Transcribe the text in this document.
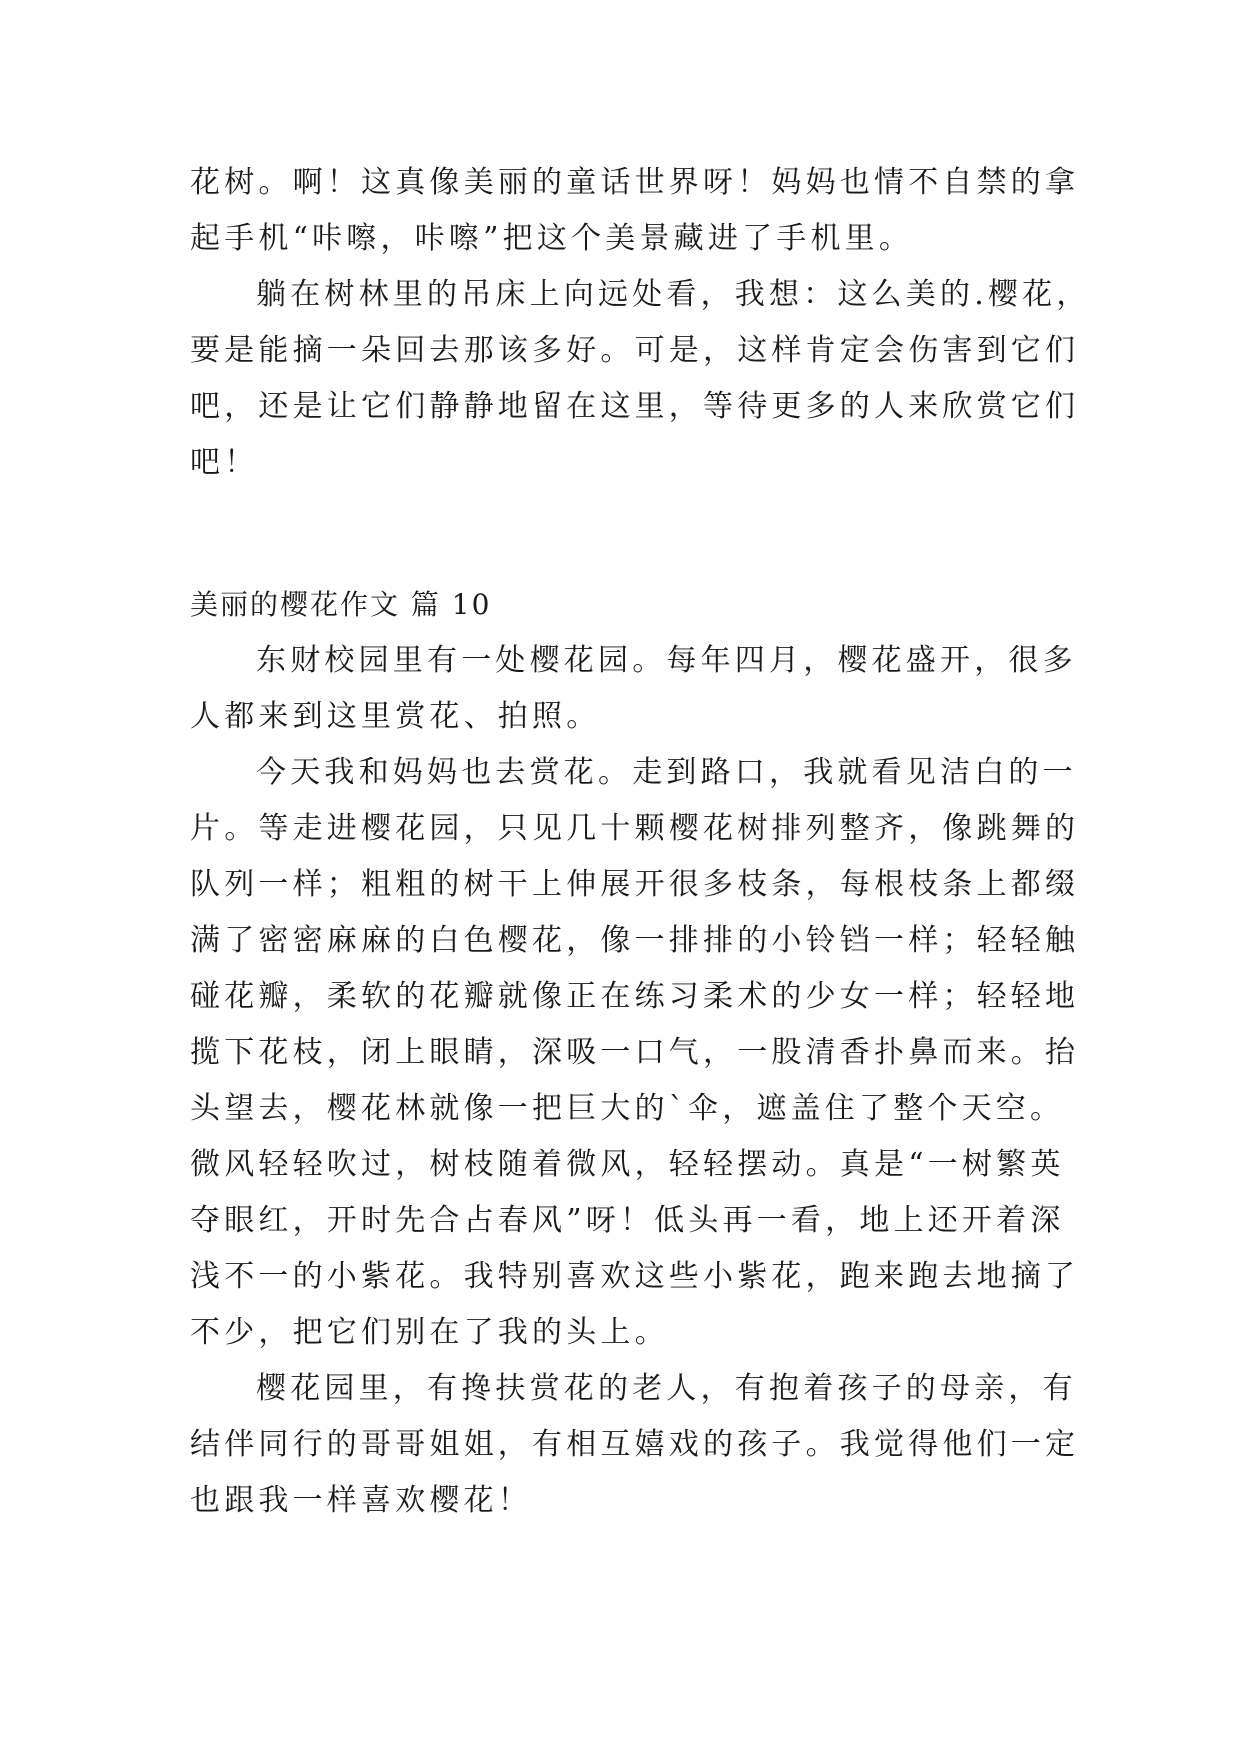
花树。啊！这真像美丽的童话世界呀！妈妈也情不自禁的拿
起手机“咔嚓，咔嚓”把这个美景藏进了手机里。
躺在树林里的吊床上向远处看，我想：这么美的.樱花，
要是能摘一朵回去那该多好。可是，这样肯定会伤害到它们
吧，还是让它们静静地留在这里，等待更多的人来欣赏它们
吧！
美丽的樱花作文 篇 10
东财校园里有一处樱花园。每年四月，樱花盛开，很多
人都来到这里赏花、拍照。
今天我和妈妈也去赏花。走到路口，我就看见洁白的一
片。等走进樱花园，只见几十颗樱花树排列整齐，像跳舞的
队列一样；粗粗的树干上伸展开很多枝条，每根枝条上都缀
满了密密麻麻的白色樱花，像一排排的小铃铛一样；轻轻触
碰花瓣，柔软的花瓣就像正在练习柔术的少女一样；轻轻地
揽下花枝，闭上眼睛，深吸一口气，一股清香扑鼻而来。抬
头望去，樱花林就像一把巨大的`伞，遮盖住了整个天空。
微风轻轻吹过，树枝随着微风，轻轻摆动。真是“一树繁英
夺眼红，开时先合占春风”呀！低头再一看，地上还开着深
浅不一的小紫花。我特别喜欢这些小紫花，跑来跑去地摘了
不少，把它们别在了我的头上。
樱花园里，有搀扶赏花的老人，有抱着孩子的母亲，有
结伴同行的哥哥姐姐，有相互嬉戏的孩子。我觉得他们一定
也跟我一样喜欢樱花！
